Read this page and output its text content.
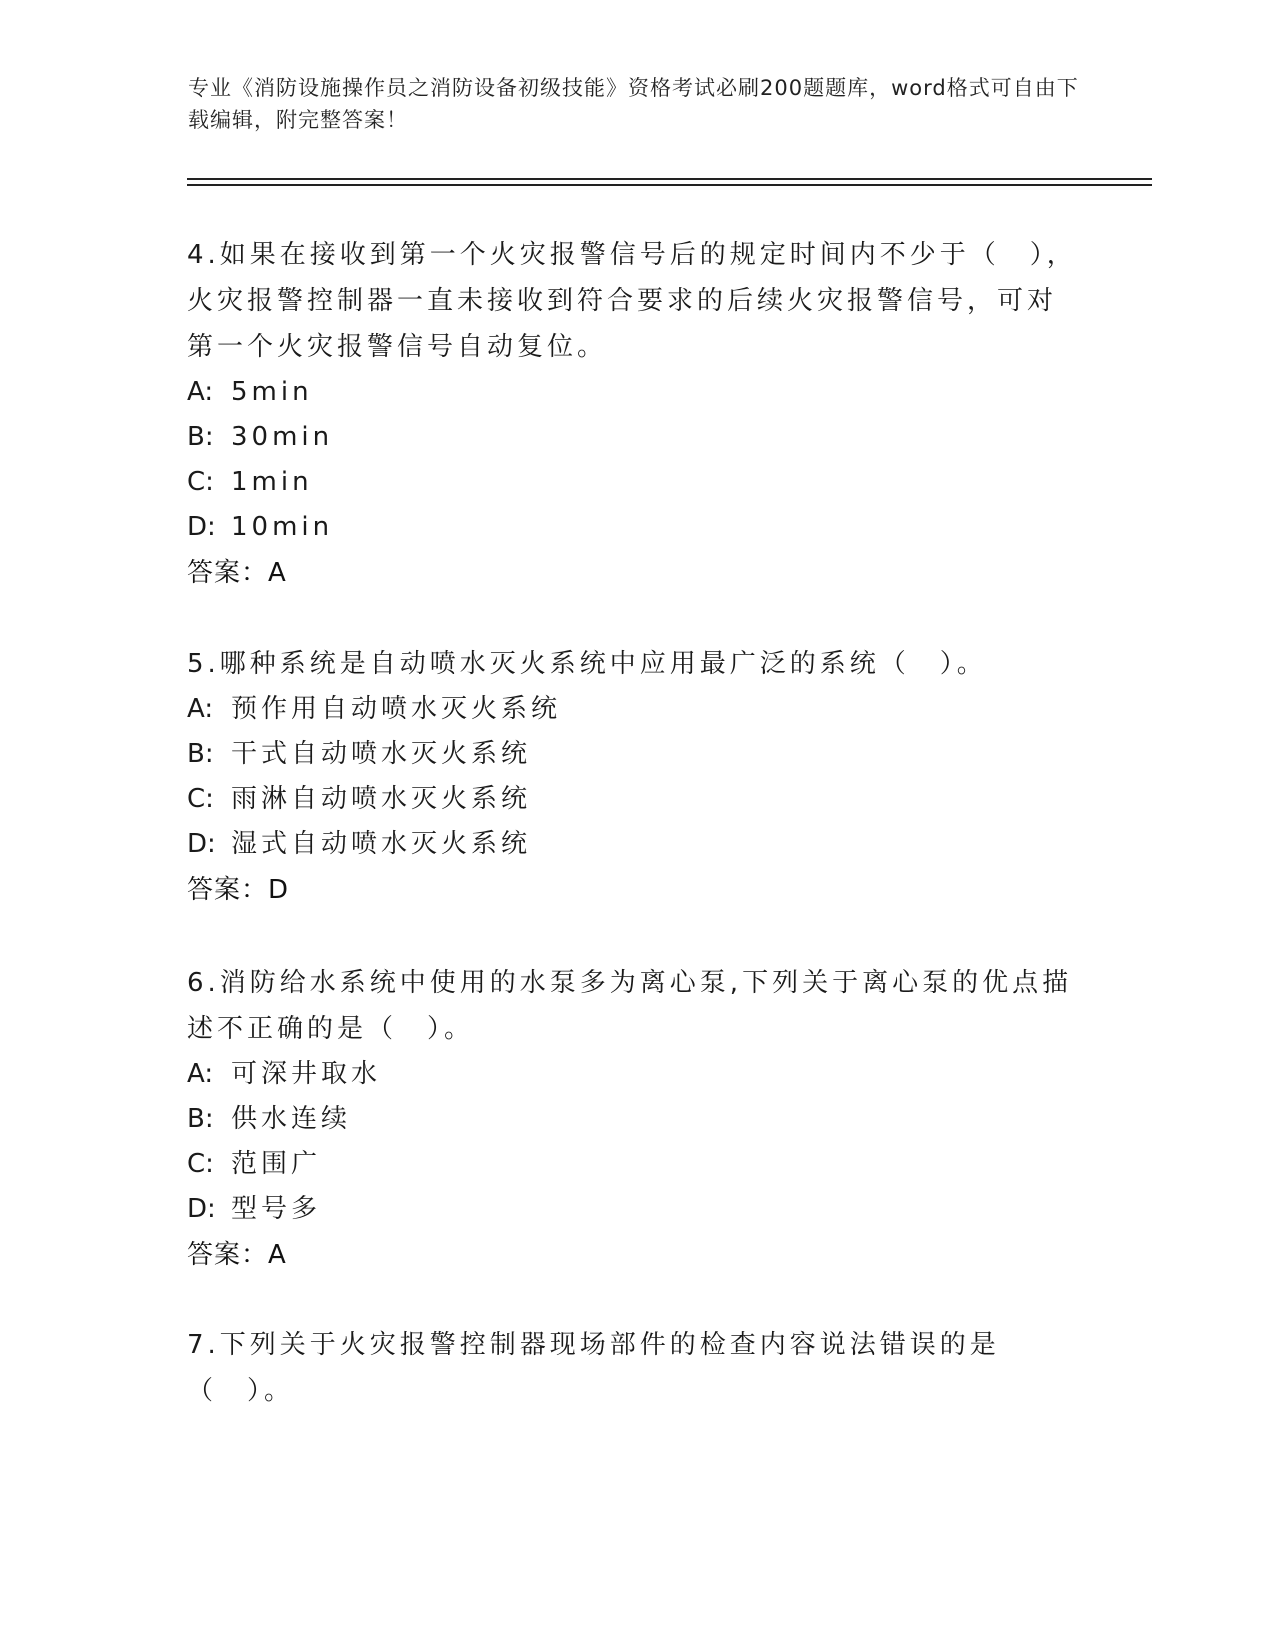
专业《消防设施操作员之消防设备初级技能》资格考试必刷200题题库，word格式可自由下载编辑，附完整答案！

4.如果在接收到第一个火灾报警信号后的规定时间内不少于（　），火灾报警控制器一直未接收到符合要求的后续火灾报警信号，可对第一个火灾报警信号自动复位。

A: 5min

B: 30min

C: 1min

D: 10min

答案：A

5.哪种系统是自动喷水灭火系统中应用最广泛的系统（　）。

A: 预作用自动喷水灭火系统

B: 干式自动喷水灭火系统

C: 雨淋自动喷水灭火系统

D: 湿式自动喷水灭火系统

答案：D

6.消防给水系统中使用的水泵多为离心泵,下列关于离心泵的优点描述不正确的是（　）。

A: 可深井取水

B: 供水连续

C: 范围广

D: 型号多

答案：A

7.下列关于火灾报警控制器现场部件的检查内容说法错误的是（　）。
